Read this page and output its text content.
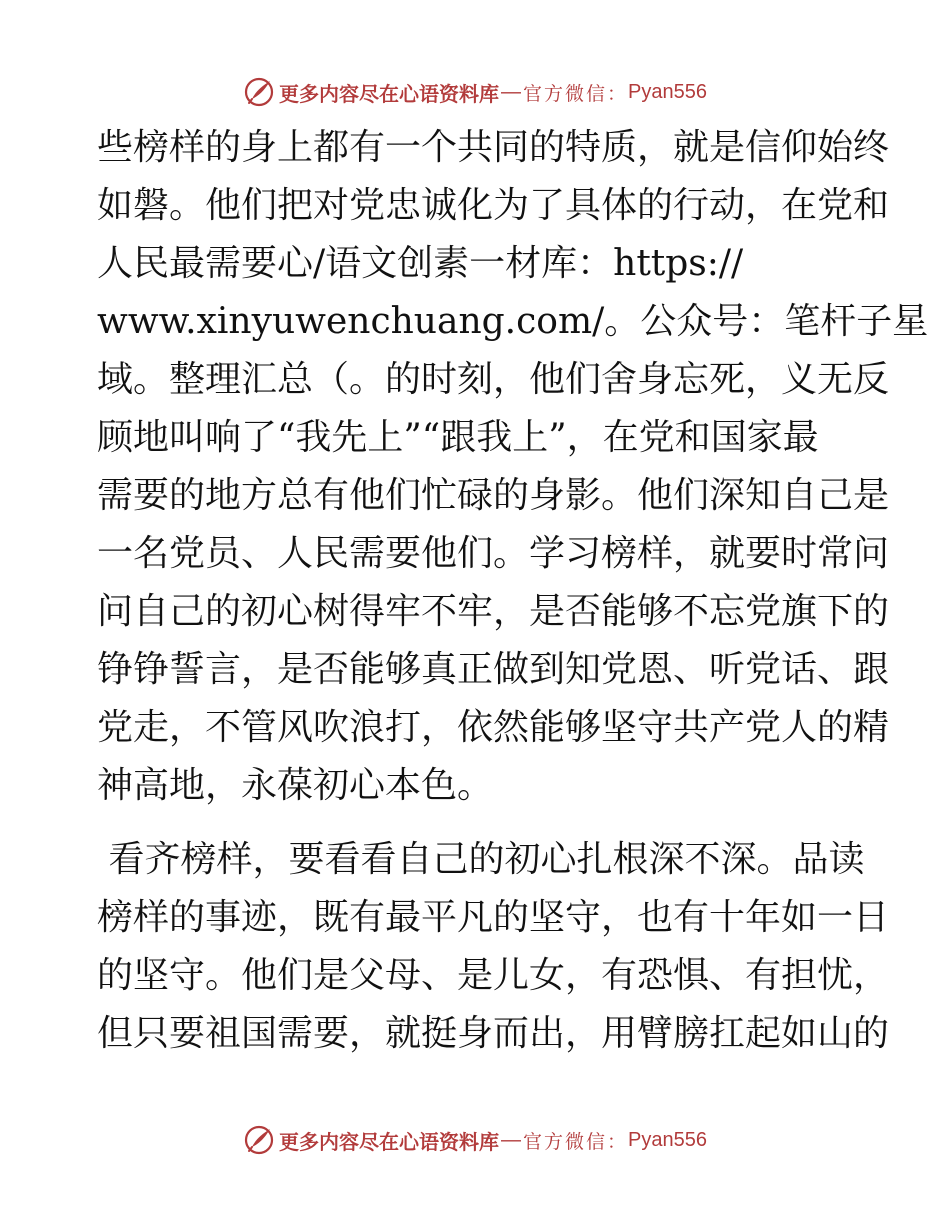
更多内容尽在心语资料库 — 官方微信： Pyan556
些榜样的身上都有一个共同的特质，就是信仰始终
如磐。他们把对党忠诚化为了具体的行动，在党和
人民最需要心/语文创素一材库：https://
www.xinyuwenchuang.com/。公众号：笔杆子星
域。整理汇总（。的时刻，他们舍身忘死，义无反
顾地叫响了“我先上”“跟我上”，在党和国家最
需要的地方总有他们忙碌的身影。他们深知自己是
一名党员、人民需要他们。学习榜样，就要时常问
问自己的初心树得牢不牢，是否能够不忘党旗下的
铮铮誓言，是否能够真正做到知党恩、听党话、跟
党走，不管风吹浪打，依然能够坚守共产党人的精
神高地，永葆初心本色。
看齐榜样，要看看自己的初心扎根深不深。品读
榜样的事迹，既有最平凡的坚守，也有十年如一日
的坚守。他们是父母、是儿女，有恐惧、有担忧，
但只要祖国需要，就挺身而出，用臂膀扛起如山的
更多内容尽在心语资料库 — 官方微信： Pyan556
